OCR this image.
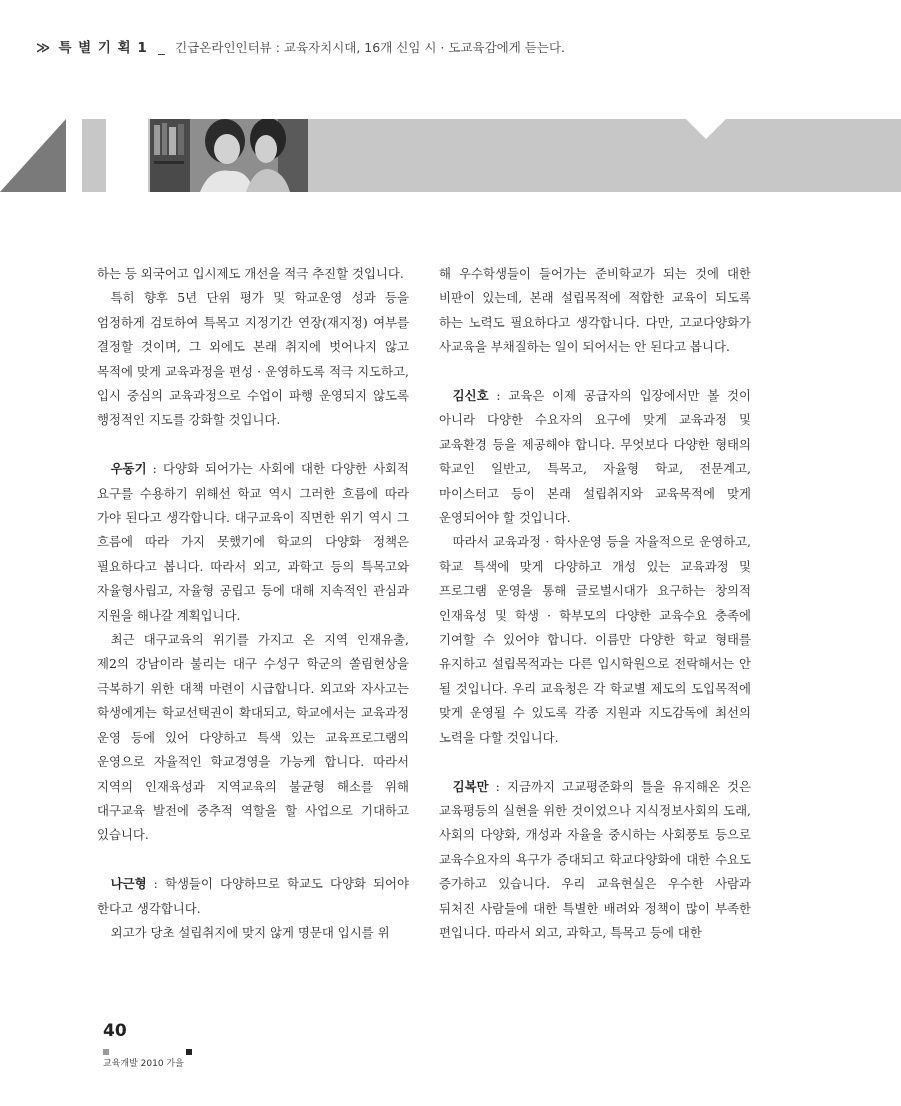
≫ 특 별 기 획 1 _ 긴급온라인인터뷰 : 교육자치시대, 16개 신임 시 · 도교육감에게 듣는다.

하는 등 외국어고 입시제도 개선을 적극 추진할 것입니다.

특히 향후 5년 단위 평가 및 학교운영 성과 등을 엄정하게 검토하여 특목고 지정기간 연장(재지정) 여부를 결정할 것이며, 그 외에도 본래 취지에 벗어나지 않고 목적에 맞게 교육과정을 편성 · 운영하도록 적극 지도하고, 입시 중심의 교육과정으로 수업이 파행 운영되지 않도록 행정적인 지도를 강화할 것입니다.

우동기 : 다양화 되어가는 사회에 대한 다양한 사회적 요구를 수용하기 위해선 학교 역시 그러한 흐름에 따라 가야 된다고 생각합니다. 대구교육이 직면한 위기 역시 그 흐름에 따라 가지 못했기에 학교의 다양화 정책은 필요하다고 봅니다. 따라서 외고, 과학고 등의 특목고와 자율형사립고, 자율형 공립고 등에 대해 지속적인 관심과 지원을 해나갈 계획입니다.

최근 대구교육의 위기를 가지고 온 지역 인재유출, 제2의 강남이라 불리는 대구 수성구 학군의 쏠림현상을 극복하기 위한 대책 마련이 시급합니다. 외고와 자사고는 학생에게는 학교선택권이 확대되고, 학교에서는 교육과정 운영 등에 있어 다양하고 특색 있는 교육프로그램의 운영으로 자율적인 학교경영을 가능케 합니다. 따라서 지역의 인재육성과 지역교육의 불균형 해소를 위해 대구교육 발전에 중추적 역할을 할 사업으로 기대하고 있습니다.

나근형 : 학생들이 다양하므로 학교도 다양화 되어야 한다고 생각합니다.

외고가 당초 설립취지에 맞지 않게 명문대 입시를 위

해 우수학생들이 들어가는 준비학교가 되는 것에 대한 비판이 있는데, 본래 설립목적에 적합한 교육이 되도록 하는 노력도 필요하다고 생각합니다. 다만, 고교다양화가 사교육을 부채질하는 일이 되어서는 안 된다고 봅니다.

김신호 : 교육은 이제 공급자의 입장에서만 볼 것이 아니라 다양한 수요자의 요구에 맞게 교육과정 및 교육환경 등을 제공해야 합니다. 무엇보다 다양한 형태의 학교인 일반고, 특목고, 자율형 학교, 전문계고, 마이스터고 등이 본래 설립취지와 교육목적에 맞게 운영되어야 할 것입니다.

따라서 교육과정 · 학사운영 등을 자율적으로 운영하고, 학교 특색에 맞게 다양하고 개성 있는 교육과정 및 프로그램 운영을 통해 글로벌시대가 요구하는 창의적 인재육성 및 학생 · 학부모의 다양한 교육수요 충족에 기여할 수 있어야 합니다. 이름만 다양한 학교 형태를 유지하고 설립목적과는 다른 입시학원으로 전락해서는 안 될 것입니다. 우리 교육청은 각 학교별 제도의 도입목적에 맞게 운영될 수 있도록 각종 지원과 지도감독에 최선의 노력을 다할 것입니다.

김복만 : 지금까지 고교평준화의 틀을 유지해온 것은 교육평등의 실현을 위한 것이었으나 지식정보사회의 도래, 사회의 다양화, 개성과 자율을 중시하는 사회풍토 등으로 교육수요자의 욕구가 증대되고 학교다양화에 대한 수요도 증가하고 있습니다. 우리 교육현실은 우수한 사람과 뒤처진 사람들에 대한 특별한 배려와 정책이 많이 부족한 편입니다. 따라서 외고, 과학고, 특목고 등에 대한

40
교육개발 2010 가을
